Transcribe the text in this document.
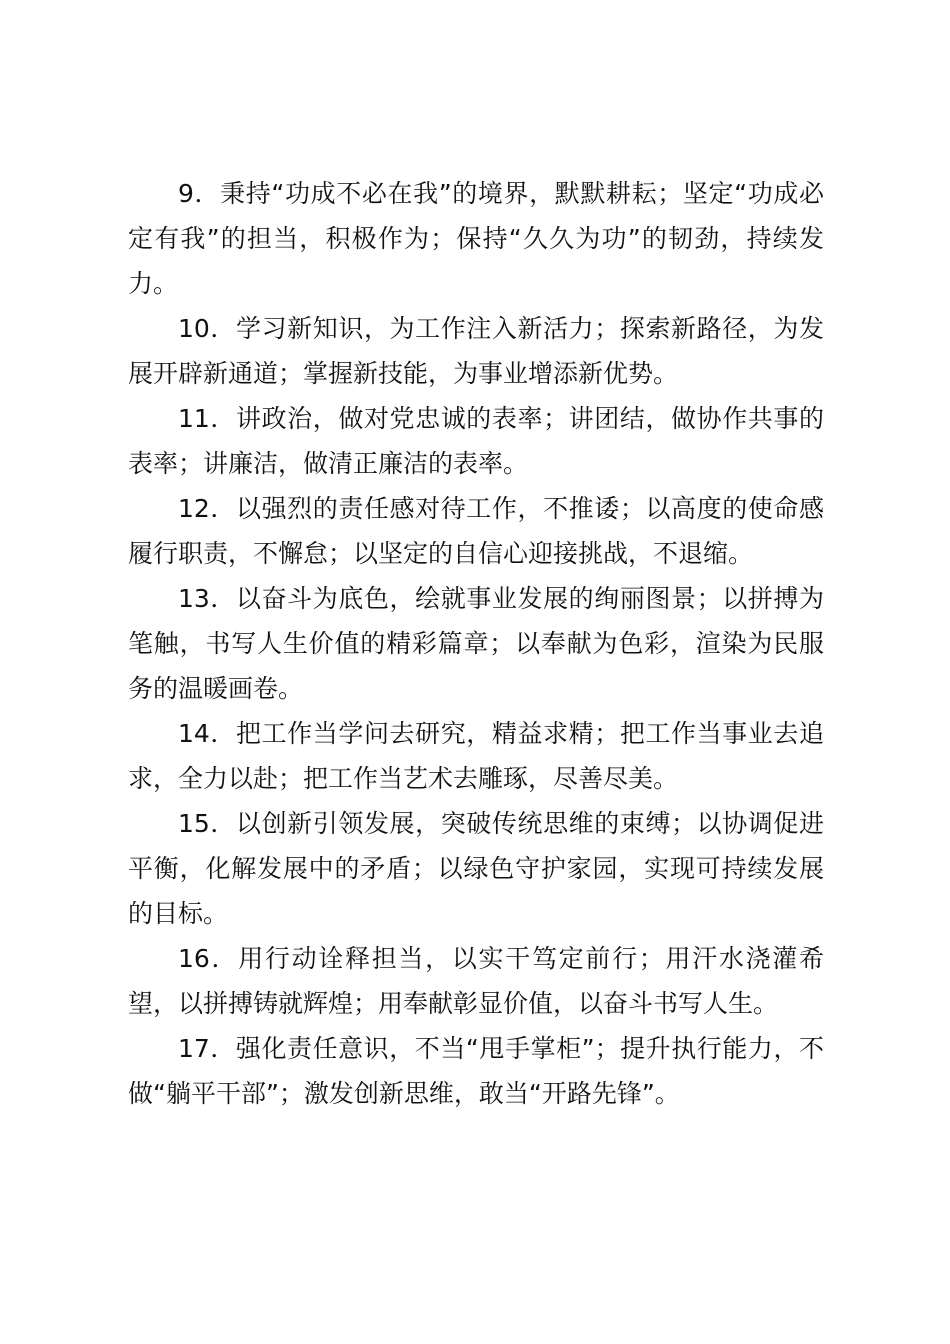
9．秉持“功成不必在我”的境界，默默耕耘；坚定“功成必定有我”的担当，积极作为；保持“久久为功”的韧劲，持续发力。

10．学习新知识，为工作注入新活力；探索新路径，为发展开辟新通道；掌握新技能，为事业增添新优势。

11．讲政治，做对党忠诚的表率；讲团结，做协作共事的表率；讲廉洁，做清正廉洁的表率。

12．以强烈的责任感对待工作，不推诿；以高度的使命感履行职责，不懈怠；以坚定的自信心迎接挑战，不退缩。

13．以奋斗为底色，绘就事业发展的绚丽图景；以拼搏为笔触，书写人生价值的精彩篇章；以奉献为色彩，渲染为民服务的温暖画卷。

14．把工作当学问去研究，精益求精；把工作当事业去追求，全力以赴；把工作当艺术去雕琢，尽善尽美。

15．以创新引领发展，突破传统思维的束缚；以协调促进平衡，化解发展中的矛盾；以绿色守护家园，实现可持续发展的目标。

16．用行动诠释担当，以实干笃定前行；用汗水浇灌希望，以拼搏铸就辉煌；用奉献彰显价值，以奋斗书写人生。

17．强化责任意识，不当“甩手掌柜”；提升执行能力，不做“躺平干部”；激发创新思维，敢当“开路先锋”。
